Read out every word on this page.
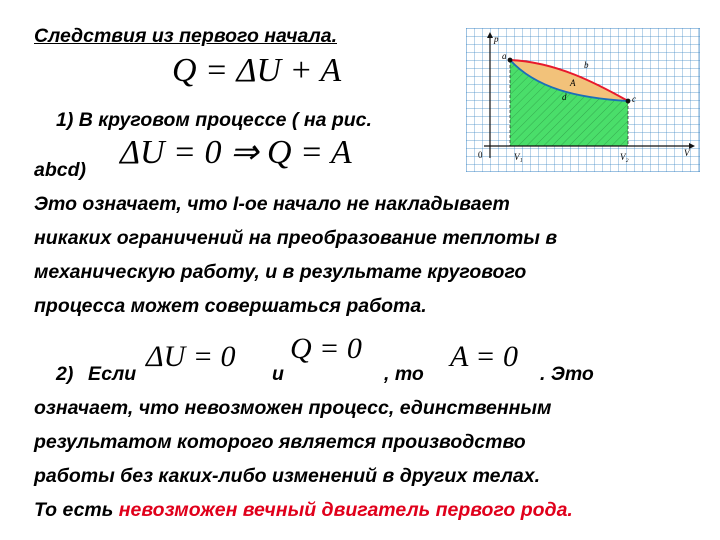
Следствия из первого начала.
Q = ΔU + A
1) В круговом процессе ( на рис.
ΔU = 0 ⇒ Q = A
abcd)
Это означает, что I-ое начало не накладывает
никаких ограничений на преобразование теплоты в
механическую работу, и в результате кругового
процесса может совершаться работа.
2) Если
ΔU = 0
и
Q = 0
, то
A = 0
. Это
означает, что невозможен процесс, единственным
результатом которого является производство
работы без каких-либо изменений в других телах.
То есть невозможен вечный двигатель первого рода.
p
V
0
a
b
c
d
A
V₁	V₂
